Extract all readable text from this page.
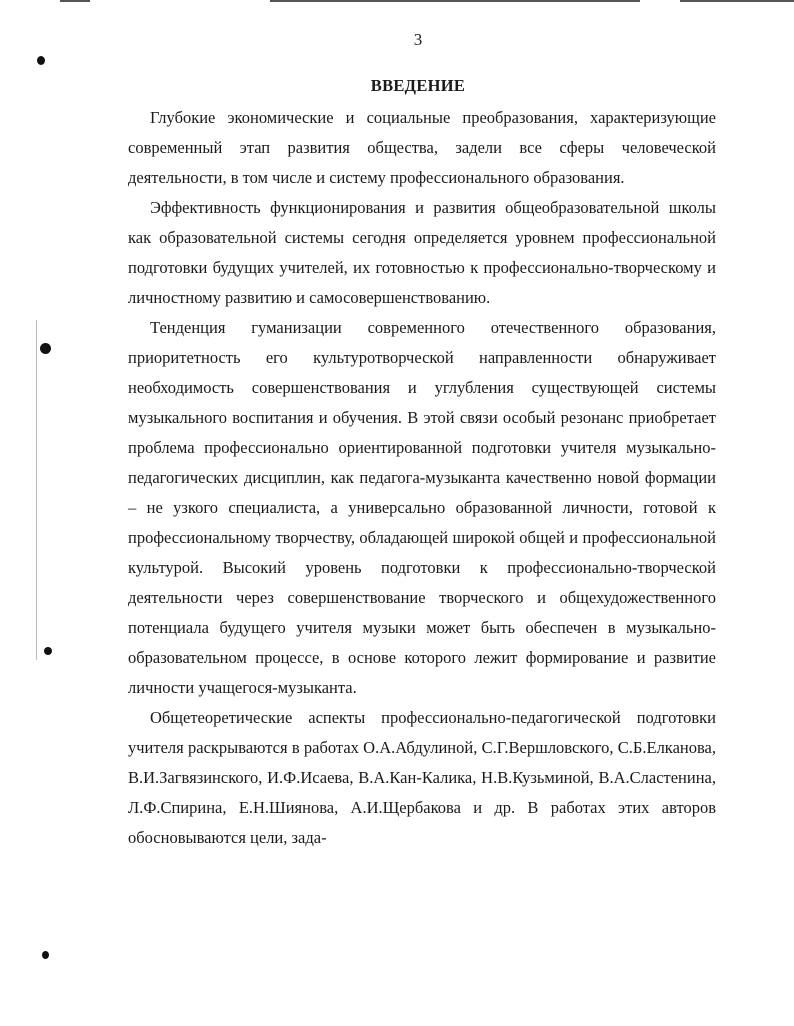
3
ВВЕДЕНИЕ

Глубокие экономические и социальные преобразования, характеризующие современный этап развития общества, задели все сферы человеческой деятельности, в том числе и систему профессионального образования.

Эффективность функционирования и развития общеобразовательной школы как образовательной системы сегодня определяется уровнем профессиональной подготовки будущих учителей, их готовностью к профессионально-творческому и личностному развитию и самосовершенствованию.

Тенденция гуманизации современного отечественного образования, приоритетность его культуротворческой направленности обнаруживает необходимость совершенствования и углубления существующей системы музыкального воспитания и обучения. В этой связи особый резонанс приобретает проблема профессионально ориентированной подготовки учителя музыкально-педагогических дисциплин, как педагога-музыканта качественно новой формации – не узкого специалиста, а универсально образованной личности, готовой к профессиональному творчеству, обладающей широкой общей и профессиональной культурой. Высокий уровень подготовки к профессионально-творческой деятельности через совершенствование творческого и общехудожественного потенциала будущего учителя музыки может быть обеспечен в музыкально-образовательном процессе, в основе которого лежит формирование и развитие личности учащегося-музыканта.

Общетеоретические аспекты профессионально-педагогической подготовки учителя раскрываются в работах О.А.Абдулиной, С.Г.Вершловского, С.Б.Елканова, В.И.Загвязинского, И.Ф.Исаева, В.А.Кан-Калика, Н.В.Кузьминой, В.А.Сластенина, Л.Ф.Спирина, Е.Н.Шиянова, А.И.Щербакова и др. В работах этих авторов обосновываются цели, зада-
